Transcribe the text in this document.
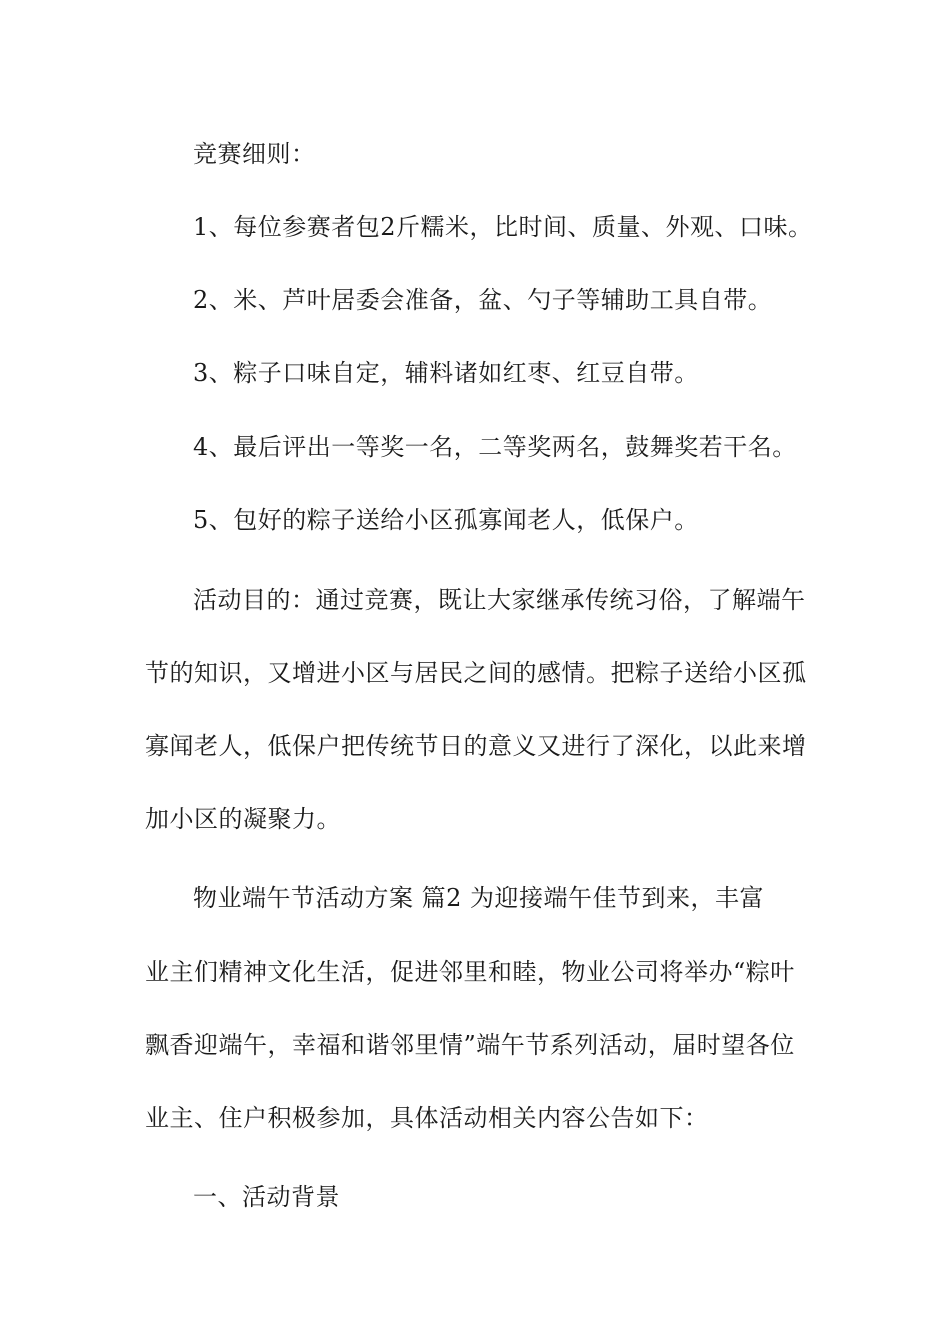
竞赛细则：
1、每位参赛者包2斤糯米，比时间、质量、外观、口味。
2、米、芦叶居委会准备，盆、勺子等辅助工具自带。
3、粽子口味自定，辅料诸如红枣、红豆自带。
4、最后评出一等奖一名，二等奖两名，鼓舞奖若干名。
5、包好的粽子送给小区孤寡闻老人，低保户。
活动目的：通过竞赛，既让大家继承传统习俗，了解端午
节的知识，又增进小区与居民之间的感情。把粽子送给小区孤
寡闻老人，低保户把传统节日的意义又进行了深化，以此来增
加小区的凝聚力。
物业端午节活动方案 篇2 为迎接端午佳节到来，丰富
业主们精神文化生活，促进邻里和睦，物业公司将举办“粽叶
飘香迎端午，幸福和谐邻里情”端午节系列活动，届时望各位
业主、住户积极参加，具体活动相关内容公告如下：
一、活动背景
